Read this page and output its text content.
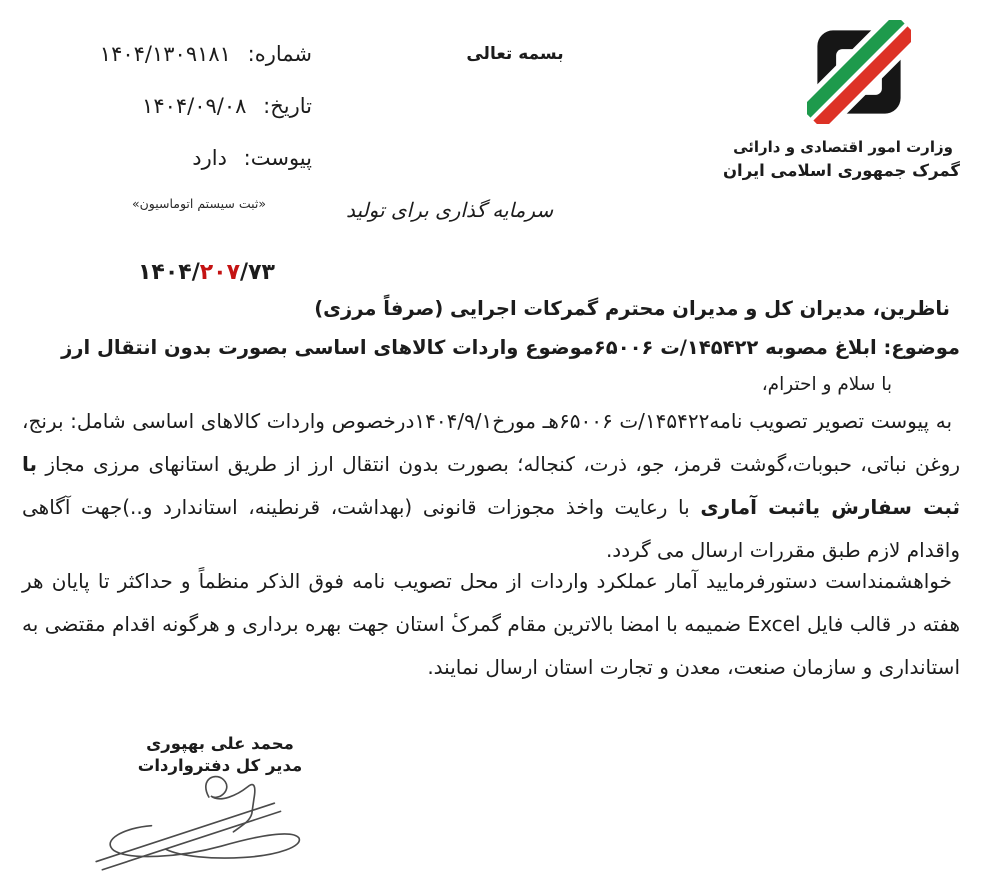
شماره: ۱۴۰۴/۱۳۰۹۱۸۱
تاریخ: ۱۴۰۴/۰۹/۰۸
پیوست: دارد
«ثبت سیستم اتوماسیون»
بسمه تعالی
وزارت امور اقتصادی و دارائی
گمرک جمهوری اسلامی ایران
سرمایه گذاری برای تولید
۱۴۰۴/۲۰۷/۷۳
ناظرین، مدیران کل و مدیران محترم گمرکات اجرایی (صرفاً مرزی)
موضوع: ابلاغ مصوبه ۱۴۵۴۲۲/ت ۶۵۰۰۶موضوع واردات کالاهای اساسی بصورت بدون انتقال ارز
با سلام و احترام،

به پیوست تصویر تصویب نامه۱۴۵۴۲۲/ت ۶۵۰۰۶هـ مورخ۱۴۰۴/۹/۱درخصوص واردات کالاهای اساسی شامل: برنج، روغن نباتی، حبوبات،گوشت قرمز، جو، ذرت، کنجاله؛ بصورت بدون انتقال ارز از طریق استانهای مرزی مجاز با ثبت سفارش یاثبت آماری با رعایت واخذ مجوزات قانونی (بهداشت، قرنطینه، استاندارد و..)جهت آگاهی واقدام لازم طبق مقررات ارسال می گردد.

خواهشمنداست دستورفرمایید آمار عملکرد واردات از محل تصویب نامه فوق الذکر منظماً و حداکثر تا پایان هر هفته در قالب فایل Excel ضمیمه با امضا بالاترین مقام گمرکٔ استان جهت بهره برداری و هرگونه اقدام مقتضی به استانداری و سازمان صنعت، معدن و تجارت استان ارسال نمایند.

محمد علی بهپوری
مدیر کل دفترواردات
